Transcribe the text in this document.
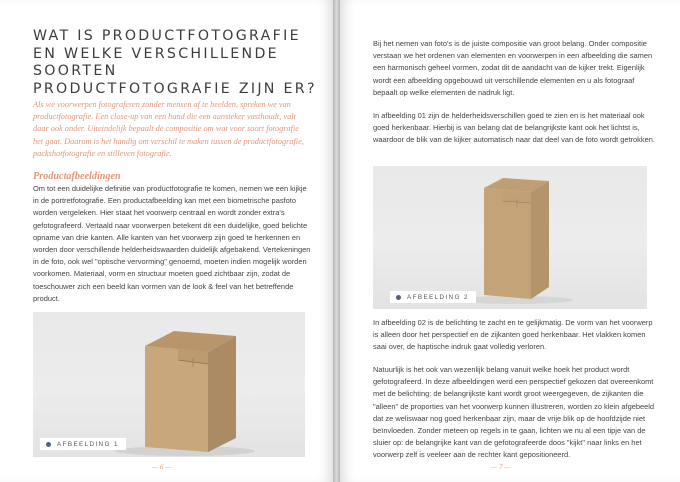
WAT IS PRODUCTFOTOGRAFIE EN WELKE VERSCHILLENDE SOORTEN PRODUCTFOTOGRAFIE ZIJN ER?

Als we voorwerpen fotograferen zonder mensen af te beelden, spreken we van productfotografie. Een close-up van een hand die een aansteker vasthoudt, valt daar ook onder. Uiteindelijk bepaalt de compositie om wat voor soort fotografie het gaat. Daarom is het handig om verschil te maken tussen de productfotografie, packshotfotografie en stilleven fotografie.

Productafbeeldingen

Om tot een duidelijke definitie van productfotografie te komen, nemen we een kijkje in de portretfotografie. Een productafbeelding kan met een biometrische pasfoto worden vergeleken. Hier staat het voorwerp centraal en wordt zonder extra's gefotografeerd. Vertaald naar voorwerpen betekent dit een duidelijke, goed belichte opname van drie kanten. Alle kanten van het voorwerp zijn goed te herkennen en worden door verschillende helderheidswaarden duidelijk afgebakend. Vertekeningen in de foto, ook wel "optische vervorming" genoemd, moeten indien mogelijk worden voorkomen. Materiaal, vorm en structuur moeten goed zichtbaar zijn, zodat de toeschouwer zich een beeld kan vormen van de look & feel van het betreffende product.

AFBEELDING 1
— 6 —

Bij het nemen van foto's is de juiste compositie van groot belang. Onder compositie verstaan we het ordenen van elementen en voorwerpen in een afbeelding die samen een harmonisch geheel vormen, zodat dit de aandacht van de kijker trekt. Eigenlijk wordt een afbeelding opgebouwd uit verschillende elementen en u als fotograaf bepaalt op welke elementen de nadruk ligt.

In afbeelding 01 zijn de helderheidsverschillen goed te zien en is het materiaal ook goed herkenbaar. Hierbij is van belang dat de belangrijkste kant ook het lichtst is, waardoor de blik van de kijker automatisch naar dat deel van de foto wordt getrokken.

AFBEELDING 2

In afbeelding 02 is de belichting te zacht en te gelijkmatig. De vorm van het voorwerp is alleen door het perspectief en de zijkanten goed herkenbaar. Het vlakken komen saai over, de haptische indruk gaat volledig verloren.

Natuurlijk is het ook van wezenlijk belang vanuit welke hoek het product wordt gefotografeerd. In deze afbeeldingen werd een perspectief gekozen dat overeenkomt met de belichting: de belangrijkste kant wordt groot weergegeven, de zijkanten die "alleen" de proporties van het voorwerp kunnen illustreren, worden zo klein afgebeeld dat ze weliswaar nog goed herkenbaar zijn, maar de vrije blik op de hoofdzijde niet beïnvloeden. Zonder meteen op regels in te gaan, lichten we nu al een tipje van de sluier op: de belangrijke kant van de gefotografeerde doos "kijkt" naar links en het voorwerp zelf is veeleer aan de rechter kant gepositioneerd.

— 7 —
